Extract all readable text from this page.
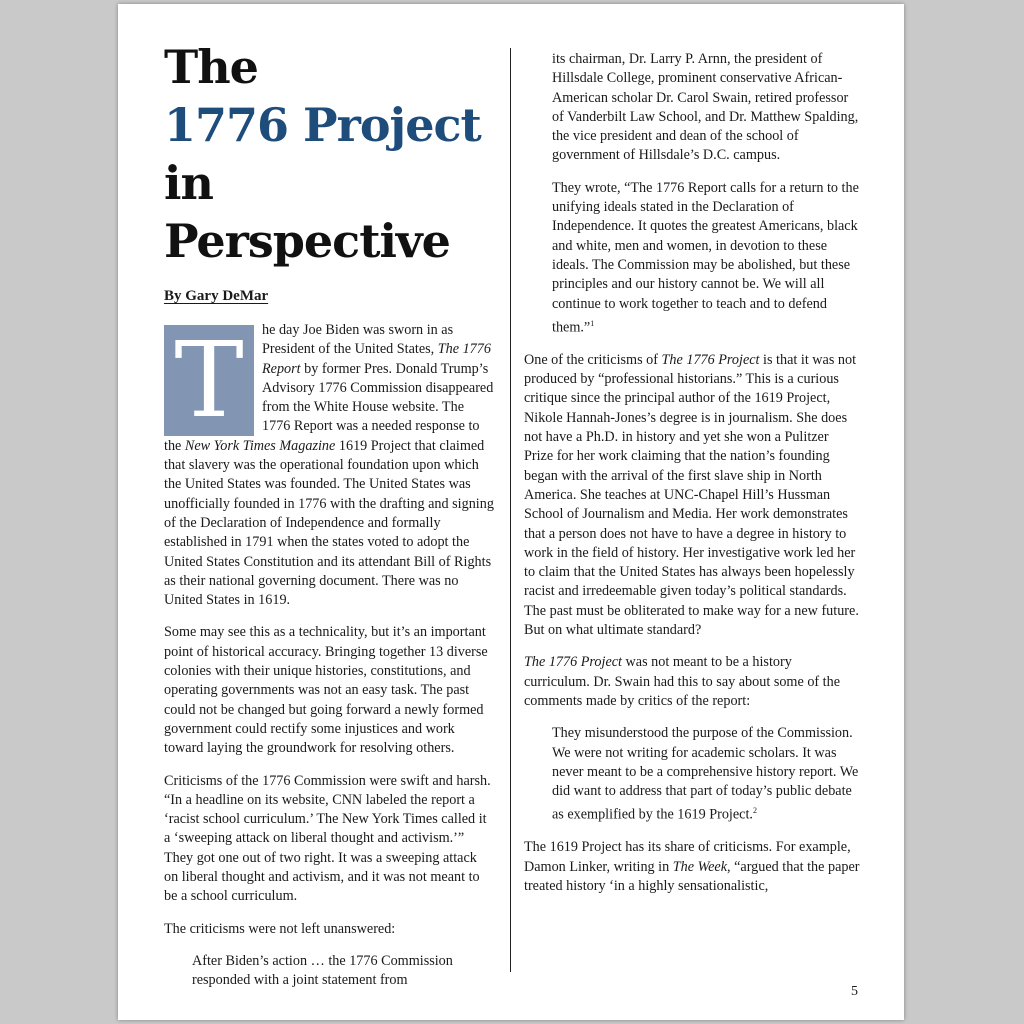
The
1776 Project
in Perspective
By Gary DeMar

T	he day Joe Biden was sworn in as President of the United States, The 1776 Report by former Pres. Donald Trump’s Advisory 1776 Commission disappeared from the White House website. The 1776 Report was a needed response to the New York Times Magazine 1619 Project that claimed that slavery was the operational foundation upon which the United States was founded. The United States was unofficially founded in 1776 with the drafting and signing of the Declaration of Independence and formally established in 1791 when the states voted to adopt the United States Constitution and its attendant Bill of Rights as their national governing document. There was no United States in 1619.

Some may see this as a technicality, but it’s an important point of historical accuracy. Bringing together 13 diverse colonies with their unique histories, constitutions, and operating governments was not an easy task. The past could not be changed but going forward a newly formed government could rectify some injustices and work toward laying the groundwork for resolving others.

Criticisms of the 1776 Commission were swift and harsh. “In a headline on its website, CNN labeled the report a ‘racist school curriculum.’ The New York Times called it a ‘sweeping attack on liberal thought and activism.’” They got one out of two right. It was a sweeping attack on liberal thought and activism, and it was not meant to be a school curriculum.

The criticisms were not left unanswered:

After Biden’s action … the 1776 Commission responded with a joint statement from

its chairman, Dr. Larry P. Arnn, the president of Hillsdale College, prominent conservative African-American scholar Dr. Carol Swain, retired professor of Vanderbilt Law School, and Dr. Matthew Spalding, the vice president and dean of the school of government of Hillsdale’s D.C. campus.

They wrote, “The 1776 Report calls for a return to the unifying ideals stated in the Declaration of Independence. It quotes the greatest Americans, black and white, men and women, in devotion to these ideals. The Commission may be abolished, but these principles and our history cannot be. We will all continue to work together to teach and to defend them.”$^1$

One of the criticisms of The 1776 Project is that it was not produced by “professional historians.” This is a curious critique since the principal author of the 1619 Project, Nikole Hannah-Jones’s degree is in journalism. She does not have a Ph.D. in history and yet she won a Pulitzer Prize for her work claiming that the nation’s founding began with the arrival of the first slave ship in North America. She teaches at UNC-Chapel Hill’s Hussman School of Journalism and Media. Her work demonstrates that a person does not have to have a degree in history to work in the field of history. Her investigative work led her to claim that the United States has always been hopelessly racist and irredeemable given today’s political standards. The past must be obliterated to make way for a new future. But on what ultimate standard?

The 1776 Project was not meant to be a history curriculum. Dr. Swain had this to say about some of the comments made by critics of the report:

They misunderstood the purpose of the Commission. We were not writing for academic scholars. It was never meant to be a comprehensive history report. We did want to address that part of today’s public debate as exemplified by the 1619 Project.$^2$

The 1619 Project has its share of criticisms. For example, Damon Linker, writing in The Week, “argued that the paper treated history ‘in a highly sensationalistic,

5
